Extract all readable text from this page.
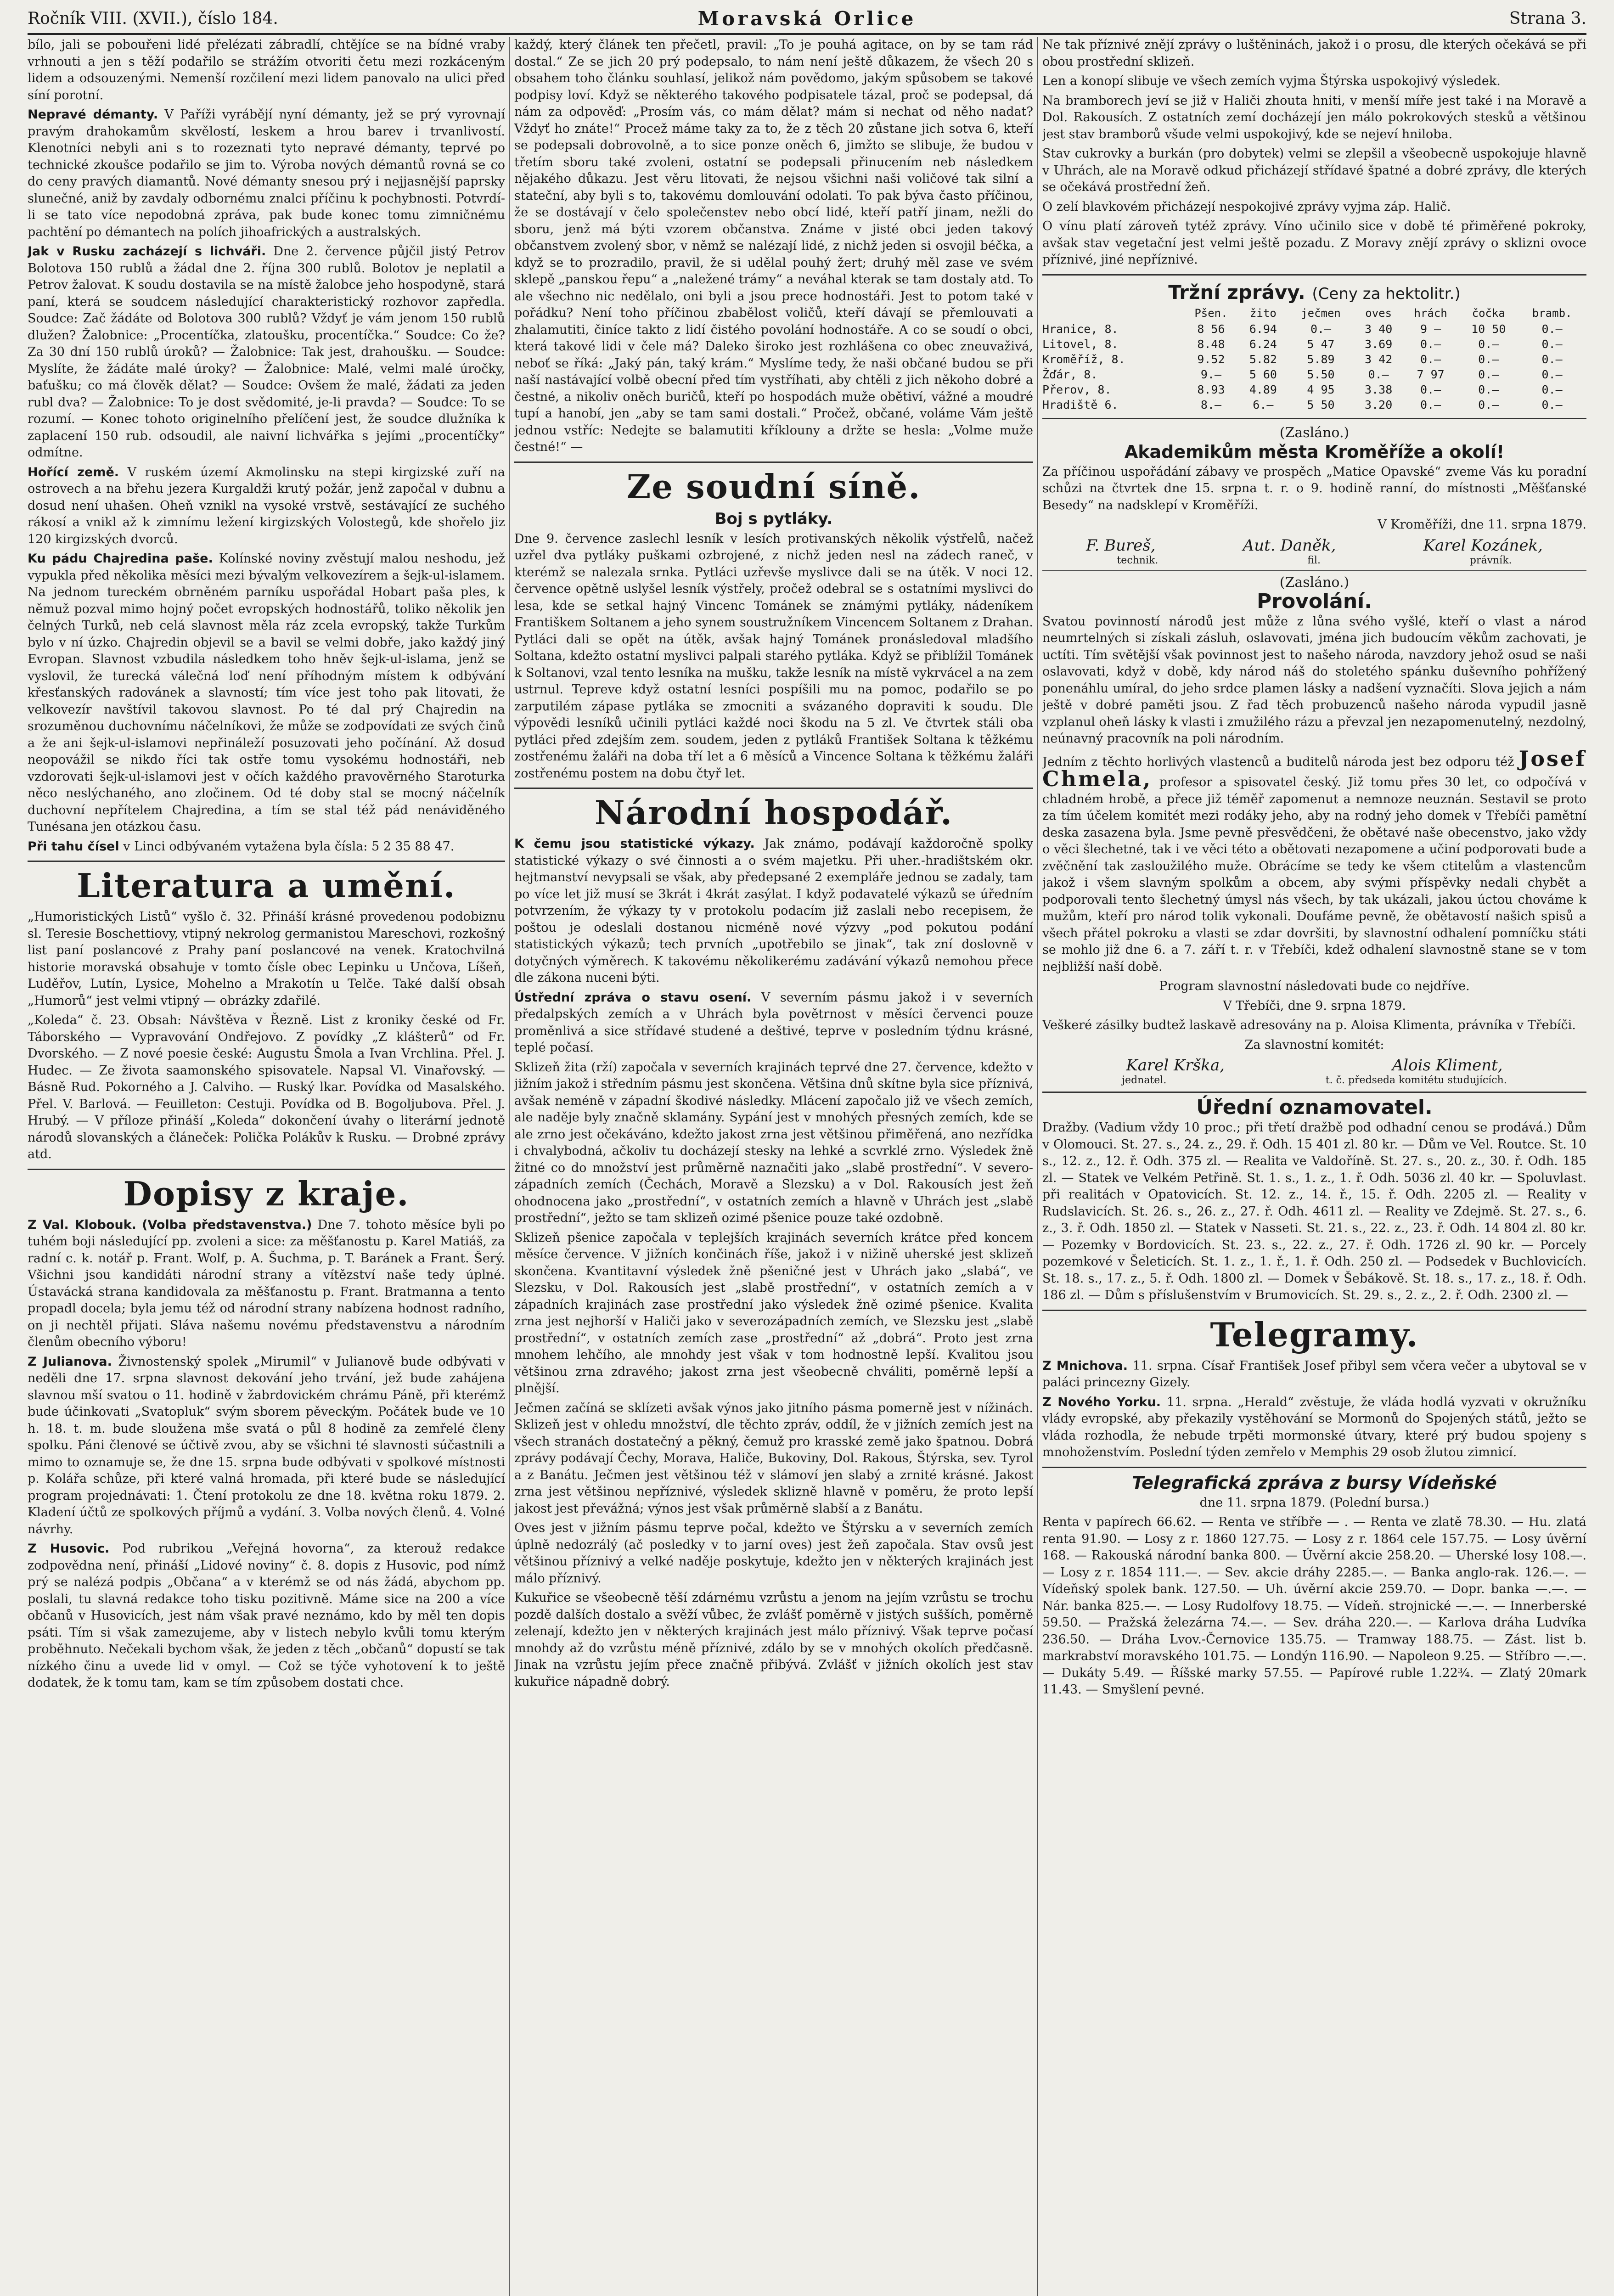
Ročník VIII. (XVII.), číslo 184.	Moravská Orlice	Strana 3.

bílo, jali se pobouřeni lidé přelézati zábradlí, chtějíce se na bídné vraby vrhnouti a jen s těží podařilo se strážím otvoriti četu mezi rozkáceným lidem a odsouzenými. Nemenší rozčilení mezi lidem panovalo na ulici před síní porotní.

Nepravé démanty. V Paříži vyrábějí nyní démanty, jež se prý vyrovnají pravým drahokamům skvělostí, leskem a hrou barev i trvanlivostí. Klenotníci nebyli ani s to rozeznati tyto nepravé démanty, teprvé po technické zkoušce podařilo se jim to. Výroba nových démantů rovná se co do ceny pravých diamantů. Nové démanty snesou prý i nejjasnější paprsky slunečné, aniž by zavdaly odbornému znalci příčinu k pochybnosti. Potvrdí-li se tato více nepodobná zpráva, pak bude konec tomu zimničnému pachtění po démantech na polích jihoafrických a australských.

Jak v Rusku zacházejí s lichváři. Dne 2. července půjčil jistý Petrov Bolotova 150 rublů a žádal dne 2. října 300 rublů. Bolotov je neplatil a Petrov žalovat. K soudu dostavila se na místě žalobce jeho hospodyně, stará paní, která se soudcem následující charakteristický rozhovor zapředla. Soudce: Zač žádáte od Bolotova 300 rublů? Vždyť je vám jenom 150 rublů dlužen? Žalobnice: „Procentíčka, zlatoušku, procentíčka.“ Soudce: Co že? Za 30 dní 150 rublů úroků? — Žalobnice: Tak jest, drahoušku. — Soudce: Myslíte, že žádáte malé úroky? — Žalobnice: Malé, velmi malé úročky, baťušku; co má člověk dělat? — Soudce: Ovšem že malé, žádati za jeden rubl dva? — Žalobnice: To je dost svědomité, je-li pravda? — Soudce: To se rozumí. — Konec tohoto originelního přelíčení jest, že soudce dlužníka k zaplacení 150 rub. odsoudil, ale naivní lichvářka s jejími „procentíčky“ odmítne.

Hořící země. V ruském území Akmolinsku na stepi kirgizské zuří na ostrovech a na břehu jezera Kurgaldži krutý požár, jenž započal v dubnu a dosud není uhašen. Oheň vznikl na vysoké vrstvě, sestávající ze suchého rákosí a vnikl až k zimnímu ležení kirgizských Volostegů, kde shořelo jiz 120 kirgizských dvorců.

Ku pádu Chajredina paše. Kolínské noviny zvěstují malou neshodu, jež vypukla před několika měsíci mezi bývalým velkovezírem a šejk-ul-islamem. Na jednom tureckém obrněném parníku uspořádal Hobart paša ples, k němuž pozval mimo hojný počet evropských hodnostářů, toliko několik jen čelných Turků, neb celá slavnost měla ráz zcela evropský, takže Turkům bylo v ní úzko. Chajredin objevil se a bavil se velmi dobře, jako každý jiný Evropan. Slavnost vzbudila následkem toho hněv šejk-ul-islama, jenž se vyslovil, že turecká válečná loď není příhodným místem k odbývání křesťanských radovánek a slavností; tím více jest toho pak litovati, že velkovezír navštívil takovou slavnost. Po té dal prý Chajredin na srozuměnou duchovnímu náčelníkovi, že může se zodpovídati ze svých činů a že ani šejk-ul-islamovi nepřináleží posuzovati jeho počínání. Až dosud neopovážil se nikdo říci tak ostře tomu vysokému hodnostáři, neb vzdorovati šejk-ul-islamovi jest v očích každého pravověrného Staroturka něco neslýchaného, ano zločinem. Od té doby stal se mocný náčelník duchovní nepřítelem Chajredina, a tím se stal též pád nenáviděného Tunésana jen otázkou času.

Při tahu čísel v Linci odbývaném vytažena byla čísla: 5 2 35 88 47.

Literatura a umění.

„Humoristických Listů“ vyšlo č. 32. Přináší krásné provedenou podobiznu sl. Teresie Boschettiovy, vtipný nekrolog germanistou Mareschovi, rozkošný list paní poslancové z Prahy paní poslancové na venek. Kratochvilná historie moravská obsahuje v tomto čísle obec Lepinku u Unčova, Líšeň, Luděřov, Lutín, Lysice, Mohelno a Mrakotín u Telče. Také další obsah „Humorů“ jest velmi vtipný — obrázky zdařilé.

„Koleda“ č. 23. Obsah: Návštěva v Řezně. List z kroniky české od Fr. Táborského — Vypravování Ondřejovo. Z povídky „Z klášterů“ od Fr. Dvorského. — Z nové poesie české: Augustu Šmola a Ivan Vrchlina. Přel. J. Hudec. — Ze života saamonského spisovatele. Napsal Vl. Vinařovský. — Básně Rud. Pokorného a J. Calviho. — Ruský lkar. Povídka od Masalského. Přel. V. Barlová. — Feuilleton: Cestuji. Povídka od B. Bogoljubova. Přel. J. Hrubý. — V příloze přináší „Koleda“ dokončení úvahy o literární jednotě národů slovanských a článeček: Polička Polákův k Rusku. — Drobné zprávy atd.

Dopisy z kraje.

Z Val. Klobouk. (Volba představenstva.) Dne 7. tohoto měsíce byli po tuhém boji následující pp. zvoleni a sice: za měšťanostu p. Karel Matiáš, za radní c. k. notář p. Frant. Wolf, p. A. Šuchma, p. T. Baránek a Frant. Šerý. Všichni jsou kandidáti národní strany a vítězství naše tedy úplné. Ústavácká strana kandidovala za měšťanostu p. Frant. Bratmanna a tento propadl docela; byla jemu též od národní strany nabízena hodnost radního, on ji nechtěl přijati. Sláva našemu novému představenstvu a národním členům obecního výboru!

Z Julianova. Živnostenský spolek „Mirumil“ v Julianově bude odbývati v neděli dne 17. srpna slavnost dekování jeho trvání, jež bude zahájena slavnou mší svatou o 11. hodině v žabrdovickém chrámu Páně, při kterémž bude účinkovati „Svatopluk“ svým sborem pěveckým. Počátek bude ve 10 h. 18. t. m. bude sloužena mše svatá o půl 8 hodině za zemřelé členy spolku. Páni členové se účtivě zvou, aby se všichni té slavnosti súčastnili a mimo to oznamuje se, že dne 15. srpna bude odbývati v spolkové místnosti p. Kolářa schůze, při které valná hromada, při které bude se následující program projednávati: 1. Čtení protokolu ze dne 18. května roku 1879. 2. Kladení účtů ze spolkových příjmů a vydání. 3. Volba nových členů. 4. Volné návrhy.

Z Husovic. Pod rubrikou „Veřejná hovorna“, za kterouž redakce zodpovědna není, přináší „Lidové noviny“ č. 8. dopis z Husovic, pod nímž prý se nalézá podpis „Občana“ a v kterémž se od nás žádá, abychom pp. poslali, tu slavná redakce toho tisku pozitivně. Máme sice na 200 a více občanů v Husovicích, jest nám však pravé neznámo, kdo by měl ten dopis psáti. Tím si však zamezujeme, aby v listech nebylo kvůli tomu kterým proběhnuto. Nečekali bychom však, že jeden z těch „občanů“ dopustí se tak nízkého činu a uvede lid v omyl. — Což se týče vyhotovení k to ještě dodatek, že k tomu tam, kam se tím způsobem dostati chce.

každý, který článek ten přečetl, pravil: „To je pouhá agitace, on by se tam rád dostal.“ Ze se jich 20 prý podepsalo, to nám není ještě důkazem, že všech 20 s obsahem toho článku souhlasí, jelikož nám povědomo, jakým spůsobem se takové podpisy loví. Když se některého takového podpisatele tázal, proč se podepsal, dá nám za odpověď: „Prosím vás, co mám dělat? mám si nechat od něho nadat? Vždyť ho znáte!“ Procež máme taky za to, že z těch 20 zůstane jich sotva 6, kteří se podepsali dobrovolně, a to sice ponze oněch 6, jimžto se slibuje, že budou v třetím sboru také zvoleni, ostatní se podepsali přinucením neb následkem nějakého důkazu. Jest věru litovati, že nejsou všichni naši voličové tak silní a stateční, aby byli s to, takovému domlouvání odolati. To pak býva často příčinou, že se dostávají v čelo společenstev nebo obcí lidé, kteří patří jinam, nežli do sboru, jenž má býti vzorem občanstva. Známe v jisté obci jeden takový občanstvem zvolený sbor, v němž se nalézají lidé, z nichž jeden si osvojil béčka, a když se to prozradilo, pravil, že si udělal pouhý žert; druhý měl zase ve svém sklepě „panskou řepu“ a „naležené trámy“ a neváhal kterak se tam dostaly atd. To ale všechno nic nedělalo, oni byli a jsou prece hodnostáři. Jest to potom také v pořádku? Není toho příčinou zbabělost voličů, kteří dávají se přemlouvati a zhalamutiti, činíce takto z lidí čistého povolání hodnostáře. A co se soudí o obci, která takové lidi v čele má? Daleko široko jest rozhlášena co obec zneuvaživá, neboť se říká: „Jaký pán, taký krám.“ Myslíme tedy, že naši občané budou se při naší nastávající volbě obecní před tím vystříhati, aby chtěli z jich někoho dobré a čestné, a nikoliv oněch buričů, kteří po hospodách muže obětiví, vážné a moudré tupí a hanobí, jen „aby se tam sami dostali.“ Pročež, občané, voláme Vám ještě jednou vstříc: Nedejte se balamutiti kříklouny a držte se hesla: „Volme muže čestné!“ —

Ze soudní síně.
Boj s pytláky.

Dne 9. července zaslechl lesník v lesích protivanských několik výstřelů, načež uzřel dva pytláky puškami ozbrojené, z nichž jeden nesl na zádech raneč, v kterémž se nalezala srnka. Pytláci uzřevše myslivce dali se na útěk. V noci 12. července opětně uslyšel lesník výstřely, pročež odebral se s ostatními myslivci do lesa, kde se setkal hajný Vincenc Tománek se známými pytláky, nádeníkem Františkem Soltanem a jeho synem soustružníkem Vincencem Soltanem z Drahan. Pytláci dali se opět na útěk, avšak hajný Tománek pronásledoval mladšího Soltana, kdežto ostatní myslivci palpali starého pytláka. Když se přiblížil Tománek k Soltanovi, vzal tento lesníka na mušku, takže lesník na místě vykrvácel a na zem ustrnul. Tepreve když ostatní lesníci pospíšili mu na pomoc, podařilo se po zarputilém zápase pytláka se zmocniti a svázaného dopraviti k soudu. Dle výpovědi lesníků učinili pytláci každé noci škodu na 5 zl. Ve čtvrtek stáli oba pytláci před zdejším zem. soudem, jeden z pytláků František Soltana k těžkému zostřenému žaláři na doba tří let a 6 měsíců a Vincence Soltana k těžkému žaláři zostřenému postem na dobu čtyř let.

Národní hospodář.

K čemu jsou statistické výkazy. Jak známo, podávají každoročně spolky statistické výkazy o své činnosti a o svém majetku. Při uher.-hradištském okr. hejtmanství nevypsali se však, aby předepsané 2 exempláře jednou se zadaly, tam po více let již musí se 3krát i 4krát zasýlat. I když podavatelé výkazů se úředním potvrzením, že výkazy ty v protokolu podacím již zaslali nebo recepisem, že poštou je odeslali dostanou nicméně nové výzvy „pod pokutou podání statistických výkazů; tech prvních „upotřebilo se jinak“, tak zní doslovně v dotyčných výměrech. K takovému několikerému zadávání výkazů nemohou přece dle zákona nuceni býti.

Ústřední zpráva o stavu osení. V severním pásmu jakož i v severních předalpských zemích a v Uhrách byla povětrnost v měsíci červenci pouze proměnlivá a sice střídavé studené a deštivé, teprve v posledním týdnu krásné, teplé počasí.

Sklizeň žita (rží) započala v severních krajinách teprvé dne 27. července, kdežto v jižním jakož i středním pásmu jest skončena. Většina dnů skítne byla sice příznivá, avšak neméně v západní škodivé následky. Mlácení započalo již ve všech zemích, ale naděje byly značně sklamány. Sypání jest v mnohých přesných zemích, kde se ale zrno jest očekáváno, kdežto jakost zrna jest většinou přiměřená, ano nezřídka i chvalybodná, ačkoliv tu docházejí stesky na lehké a scvrklé zrno. Výsledek žně žitné co do množství jest průměrně naznačiti jako „slabě prostřední“. V severo-západních zemích (Čechách, Moravě a Slezsku) a v Dol. Rakousích jest žeň ohodnocena jako „prostřední“, v ostatních zemích a hlavně v Uhrách jest „slabě prostřední“, ježto se tam sklizeň ozimé pšenice pouze také ozdobně.

Sklizeň pšenice započala v teplejších krajinách severních krátce před koncem měsíce července. V jižních končinách říše, jakož i v nižině uherské jest sklizeň skončena. Kvantitavní výsledek žně pšeničné jest v Uhrách jako „slabá“, ve Slezsku, v Dol. Rakousích jest „slabě prostřední“, v ostatních zemích a v západních krajinách zase prostřední jako výsledek žně ozimé pšenice. Kvalita zrna jest nejhorší v Haliči jako v severozápadních zemích, ve Slezsku jest „slabě prostřední“, v ostatních zemích zase „prostřední“ až „dobrá“. Proto jest zrna mnohem lehčího, ale mnohdy jest však v tom hodnostně lepší. Kvalitou jsou většinou zrna zdravého; jakost zrna jest všeobecně chváliti, poměrně lepší a plnější.

Ječmen začíná se sklízeti avšak výnos jako jitního pásma pomerně jest v nížinách. Sklizeň jest v ohledu množství, dle těchto zpráv, oddíl, že v jižních zemích jest na všech stranách dostatečný a pěkný, čemuž pro krasské země jako špatnou. Dobrá zprávy podávají Čechy, Morava, Haliče, Bukoviny, Dol. Rakous, Štýrska, sev. Tyrol a z Banátu. Ječmen jest většinou též v slámoví jen slabý a zrnité krásné. Jakost zrna jest většinou nepříznivé, výsledek sklizně hlavně v poměru, že proto lepší jakost jest převážná; výnos jest však průměrně slabší a z Banátu.

Oves jest v jižním pásmu teprve počal, kdežto ve Štýrsku a v severních zemích úplně nedozrálý (ač posledky v to jarní oves) jest žeň započala. Stav ovsů jest většinou příznivý a velké naděje poskytuje, kdežto jen v některých krajinách jest málo příznivý.

Kukuřice se všeobecně těší zdárnému vzrůstu a jenom na jejím vzrůstu se trochu pozdě dalších dostalo a svěží vůbec, že zvlášť poměrně v jistých sušších, poměrně zelenají, kdežto jen v některých krajinách jest málo příznivý. Však teprve počasí mnohdy až do vzrůstu méně příznivé, zdálo by se v mnohých okolích předčasně. Jinak na vzrůstu jejím přece značně přibývá. Zvlášť v jižních okolích jest stav kukuřice nápadně dobrý.

Ne tak příznivé znějí zprávy o luštěninách, jakož i o prosu, dle kterých očekává se při obou prostřední sklizeň.

Len a konopí slibuje ve všech zemích vyjma Štýrska uspokojivý výsledek.

Na bramborech jeví se již v Haliči zhouta hniti, v menší míře jest také i na Moravě a Dol. Rakousích. Z ostatních zemí docházejí jen málo pokrokových stesků a většinou jest stav bramborů všude velmi uspokojivý, kde se nejeví hniloba.

Stav cukrovky a burkán (pro dobytek) velmi se zlepšil a všeobecně uspokojuje hlavně v Uhrách, ale na Moravě odkud přicházejí střídavé špatné a dobré zprávy, dle kterých se očekává prostřední žeň.

O zelí blavkovém přicházejí nespokojivé zprávy vyjma záp. Halič.

O vínu platí zároveň tytéž zprávy. Víno učinilo sice v době té přiměřené pokroky, avšak stav vegetační jest velmi ještě pozadu. Z Moravy znějí zprávy o sklizni ovoce příznivé, jiné nepříznivé.

Tržní zprávy. (Ceny za hektolitr.)
	Pšen.	žito	ječmen	oves	hrách	čočka	bramb.
Hranice, 8.	8 56	6.94	0.—	3 40	9 —	10 50	0.—
Litovel, 8.	8.48	6.24	5 47	3.69	0.—	0.—	0.—
Kroměříž, 8.	9.52	5.82	5.89	3 42	0.—	0.—	0.—
Žďár, 8.	9.—	5 60	5.50	0.—	7 97	0.—	0.—
Přerov, 8.	8.93	4.89	4 95	3.38	0.—	0.—	0.—
Hradiště 6.	8.—	6.—	5 50	3.20	0.—	0.—	0.—
(Zasláno.)
Akademikům města Kroměříže a okolí!

Za příčinou uspořádání zábavy ve prospěch „Matice Opavské“ zveme Vás ku poradní schůzi na čtvrtek dne 15. srpna t. r. o 9. hodině ranní, do místnosti „Měšťanské Besedy“ na nadsklepí v Kroměříži.

V Kroměříži, dne 11. srpna 1879.

F. Bureš,	Aut. Daněk,	Karel Kozánek,
technik.	fil.	právník.
(Zasláno.)
Provolání.

Svatou povinností národů jest může z lůna svého vyšlé, kteří o vlast a národ neumrtelných si získali zásluh, oslavovati, jména jich budoucím věkům zachovati, je uctíti. Tím světější však povinnost jest to našeho národa, navzdory jehož osud se naši oslavovati, když v době, kdy národ náš do stoletého spánku duševního pohřížený ponenáhlu umíral, do jeho srdce plamen lásky a nadšení vyznačíti. Slova jejich a nám ještě v dobré paměti jsou. Z řad těch probuzenců našeho národa vypudil jasně vzplanul oheň lásky k vlasti i zmužilého rázu a převzal jen nezapomenutelný, nezdolný, neúnavný pracovník na poli národním.

Jedním z těchto horlivých vlastenců a buditelů národa jest bez odporu též Josef Chmela, profesor a spisovatel český. Již tomu přes 30 let, co odpočívá v chladném hrobě, a přece již téměř zapomenut a nemnoze neuznán. Sestavil se proto za tím účelem komitét mezi rodáky jeho, aby na rodný jeho domek v Třebíči pamětní deska zasazena byla. Jsme pevně přesvědčeni, že obětavé naše obecenstvo, jako vždy o věci šlechetné, tak i ve věci této a obětovati nezapomene a učiní podporovati bude a zvěčnění tak zasloužilého muže. Obrácíme se tedy ke všem ctitelům a vlastencům jakož i všem slavným spolkům a obcem, aby svými příspěvky nedali chybět a podporovali tento šlechetný úmysl nás všech, by tak ukázali, jakou úctou chováme k mužům, kteří pro národ tolik vykonali. Doufáme pevně, že obětavostí našich spisů a všech přátel pokroku a vlasti se zdar dovršiti, by slavnostní odhalení pomníčku státi se mohlo již dne 6. a 7. září t. r. v Třebíči, kdež odhalení slavnostně stane se v tom nejbližší naší době.

Program slavnostní následovati bude co nejdříve.

V Třebíči, dne 9. srpna 1879.

Veškeré zásilky budtež laskavě adresovány na p. Aloisa Klimenta, právníka v Třebíči.

Za slavnostní komitét:

Karel Krška,	Alois Kliment,
jednatel.	t. č. předseda komitétu studujících.
Úřední oznamovatel.

Dražby. (Vadium vždy 10 proc.; při třetí dražbě pod odhadní cenou se prodává.) Dům v Olomouci. St. 27. s., 24. z., 29. ř. Odh. 15 401 zl. 80 kr. — Dům ve Vel. Routce. St. 10 s., 12. z., 12. ř. Odh. 375 zl. — Realita ve Valdoříně. St. 27. s., 20. z., 30. ř. Odh. 185 zl. — Statek ve Velkém Petřině. St. 1. s., 1. z., 1. ř. Odh. 5036 zl. 40 kr. — Spoluvlast. při realitách v Opatovicích. St. 12. z., 14. ř., 15. ř. Odh. 2205 zl. — Reality v Rudslavicích. St. 26. s., 26. z., 27. ř. Odh. 4611 zl. — Reality ve Zdejmě. St. 27. s., 6. z., 3. ř. Odh. 1850 zl. — Statek v Nasseti. St. 21. s., 22. z., 23. ř. Odh. 14 804 zl. 80 kr. — Pozemky v Bordovicích. St. 23. s., 22. z., 27. ř. Odh. 1726 zl. 90 kr. — Porcely pozemkové v Šeleticích. St. 1. z., 1. ř., 1. ř. Odh. 250 zl. — Podsedek v Buchlovicích. St. 18. s., 17. z., 5. ř. Odh. 1800 zl. — Domek v Šebákově. St. 18. s., 17. z., 18. ř. Odh. 186 zl. — Dům s příslušenstvím v Brumovicích. St. 29. s., 2. z., 2. ř. Odh. 2300 zl. —

Telegramy.

Z Mnichova. 11. srpna. Císař František Josef přibyl sem včera večer a ubytoval se v paláci princezny Gizely.

Z Nového Yorku. 11. srpna. „Herald“ zvěstuje, že vláda hodlá vyzvati v okružníku vlády evropské, aby překazily vystěhování se Mormonů do Spojených států, ježto se vláda rozhodla, že nebude trpěti mormonské útvary, které prý budou spojeny s mnohoženstvím. Poslední týden zemřelo v Memphis 29 osob žlutou zimnicí.

Telegrafická zpráva z bursy Vídeňské

dne 11. srpna 1879. (Polední bursa.)

Renta v papírech 66.62. — Renta ve stříbře — . — Renta ve zlatě 78.30. — Hu. zlatá renta 91.90. — Losy z r. 1860 127.75. — Losy z r. 1864 cele 157.75. — Losy úvěrní 168. — Rakouská národní banka 800. — Úvěrní akcie 258.20. — Uherské losy 108.—. — Losy z r. 1854 111.—. — Sev. akcie dráhy 2285.—. — Banka anglo-rak. 126.—. — Vídeňský spolek bank. 127.50. — Uh. úvěrní akcie 259.70. — Dopr. banka —.—. — Nár. banka 825.—. — Losy Rudolfovy 18.75. — Vídeň. strojnické —.—. — Innerberské 59.50. — Pražská železárna 74.—. — Sev. dráha 220.—. — Karlova dráha Ludvíka 236.50. — Dráha Lvov.-Černovice 135.75. — Tramway 188.75. — Zást. list b. markrabství moravského 101.75. — Londýn 116.90. — Napoleon 9.25. — Stříbro —.—. — Dukáty 5.49. — Říšské marky 57.55. — Papírové ruble 1.22¾. — Zlatý 20mark 11.43. — Smyšlení pevné.
